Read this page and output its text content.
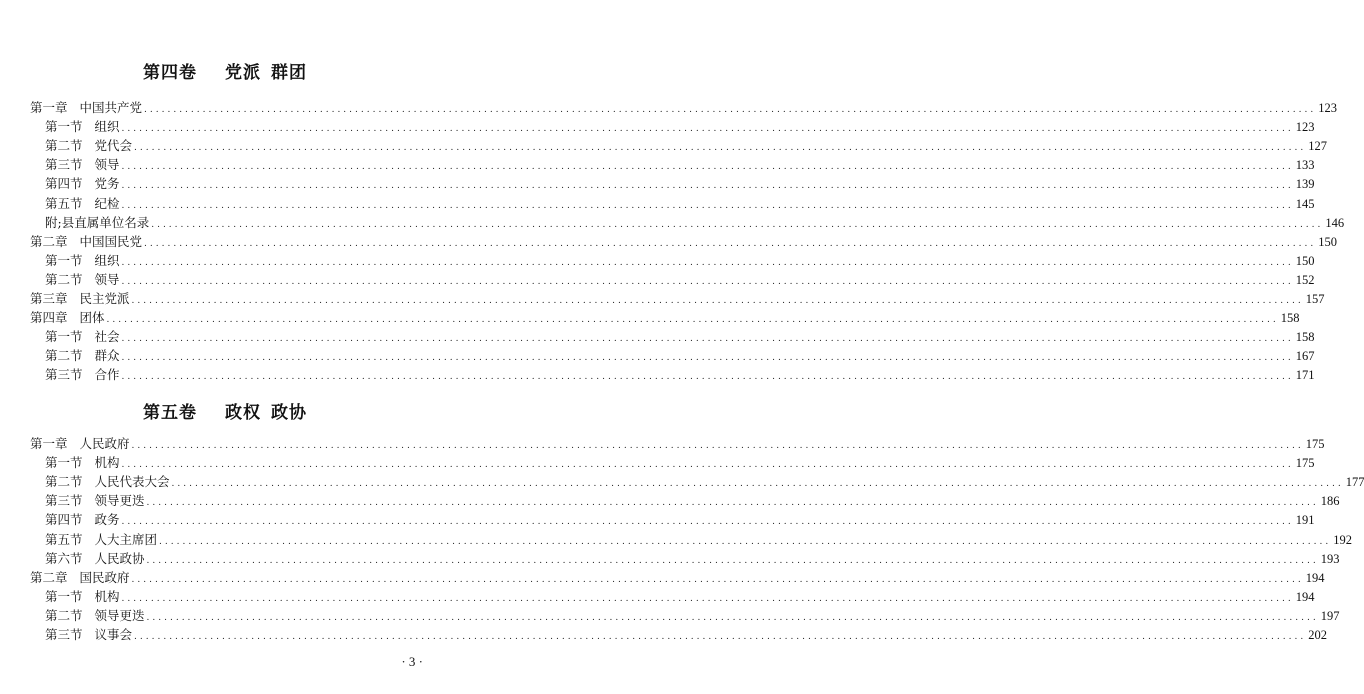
第四卷 党派 群团
第一章 中国共产党 ........................................................................................................................................................................................................ 123
第一节 组织 ........................................................................................................................................................................................................ 123
第二节 党代会 ........................................................................................................................................................................................................ 127
第三节 领导 ........................................................................................................................................................................................................ 133
第四节 党务 ........................................................................................................................................................................................................ 139
第五节 纪检 ........................................................................................................................................................................................................ 145
附;县直属单位名录 ........................................................................................................................................................................................................ 146
第二章 中国国民党 ........................................................................................................................................................................................................ 150
第一节 组织 ........................................................................................................................................................................................................ 150
第二节 领导 ........................................................................................................................................................................................................ 152
第三章 民主党派 ........................................................................................................................................................................................................ 157
第四章 团体 ........................................................................................................................................................................................................ 158
第一节 社会 ........................................................................................................................................................................................................ 158
第二节 群众 ........................................................................................................................................................................................................ 167
第三节 合作 ........................................................................................................................................................................................................ 171
第五卷 政权 政协
第一章 人民政府 ........................................................................................................................................................................................................ 175
第一节 机构 ........................................................................................................................................................................................................ 175
第二节 人民代表大会 ........................................................................................................................................................................................................ 177
第三节 领导更迭 ........................................................................................................................................................................................................ 186
第四节 政务 ........................................................................................................................................................................................................ 191
第五节 人大主席团 ........................................................................................................................................................................................................ 192
第六节 人民政协 ........................................................................................................................................................................................................ 193
第二章 国民政府 ........................................................................................................................................................................................................ 194
第一节 机构 ........................................................................................................................................................................................................ 194
第二节 领导更迭 ........................................................................................................................................................................................................ 197
第三节 议事会 ........................................................................................................................................................................................................ 202
· 3 ·
